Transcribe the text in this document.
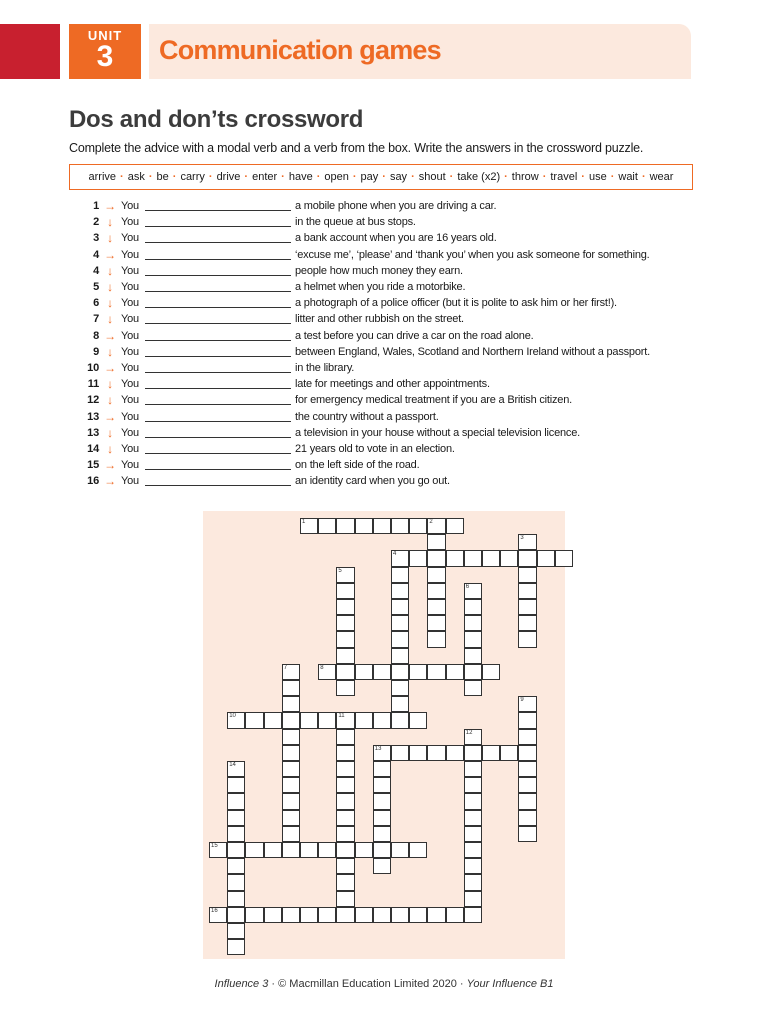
UNIT
3	Communication games
Dos and don’ts crossword
Complete the advice with a modal verb and a verb from the box. Write the answers in the crossword puzzle.
arrive · ask · be · carry · drive · enter · have · open · pay · say · shout · take (x2) · throw · travel · use · wait · wear
1 → You	a mobile phone when you are driving a car.
2 ↓ You	in the queue at bus stops.
3 ↓ You	a bank account when you are 16 years old.
4 → You	‘excuse me’, ‘please’ and ‘thank you’ when you ask someone for something.
4 ↓ You	people how much money they earn.
5 ↓ You	a helmet when you ride a motorbike.
6 ↓ You	a photograph of a police officer (but it is polite to ask him or her first!).
7 ↓ You	litter and other rubbish on the street.
8 → You	a test before you can drive a car on the road alone.
9 ↓ You	between England, Wales, Scotland and Northern Ireland without a passport.
10 → You	in the library.
11 ↓ You	late for meetings and other appointments.
12 ↓ You	for emergency medical treatment if you are a British citizen.
13 → You	the country without a passport.
13 ↓ You	a television in your house without a special television licence.
14 ↓ You	21 years old to vote in an election.
15 → You	on the left side of the road.
16 → You	an identity card when you go out.
1	2
3
4
5
6
7	8
9
10	11
12
13
14
15
16
Influence 3 · © Macmillan Education Limited 2020 · Your Influence B1
